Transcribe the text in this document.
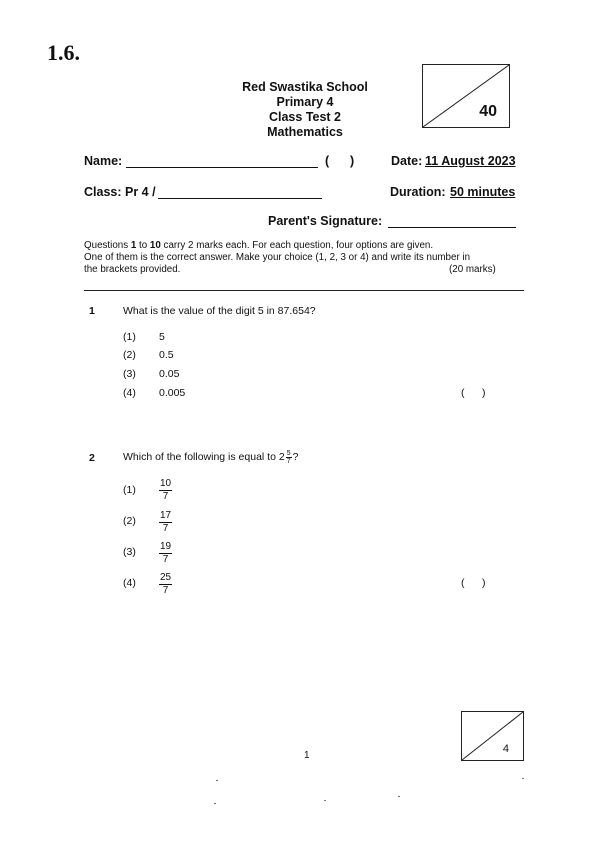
1.6.
Red Swastika School
Primary 4
Class Test 2
Mathematics
40
Name:	(      )	Date: 11 August 2023
Class: Pr 4 /	Duration: 50 minutes
Parent's Signature:
Questions 1 to 10 carry 2 marks each. For each question, four options are given.
One of them is the correct answer. Make your choice (1, 2, 3 or 4) and write its number in
the brackets provided.	(20 marks)
1	What is the value of the digit 5 in 87.654?
(1) 5
(2) 0.5
(3) 0.05
(4) 0.005	(      )
2	Which of the following is equal to $2 \frac{5}{7}$ ?
$(1) \frac{10}{7}$
$(2) \frac{17}{7}$
$(3) \frac{19}{7}$
$(4) \frac{25}{7}$	(      )
4
1
